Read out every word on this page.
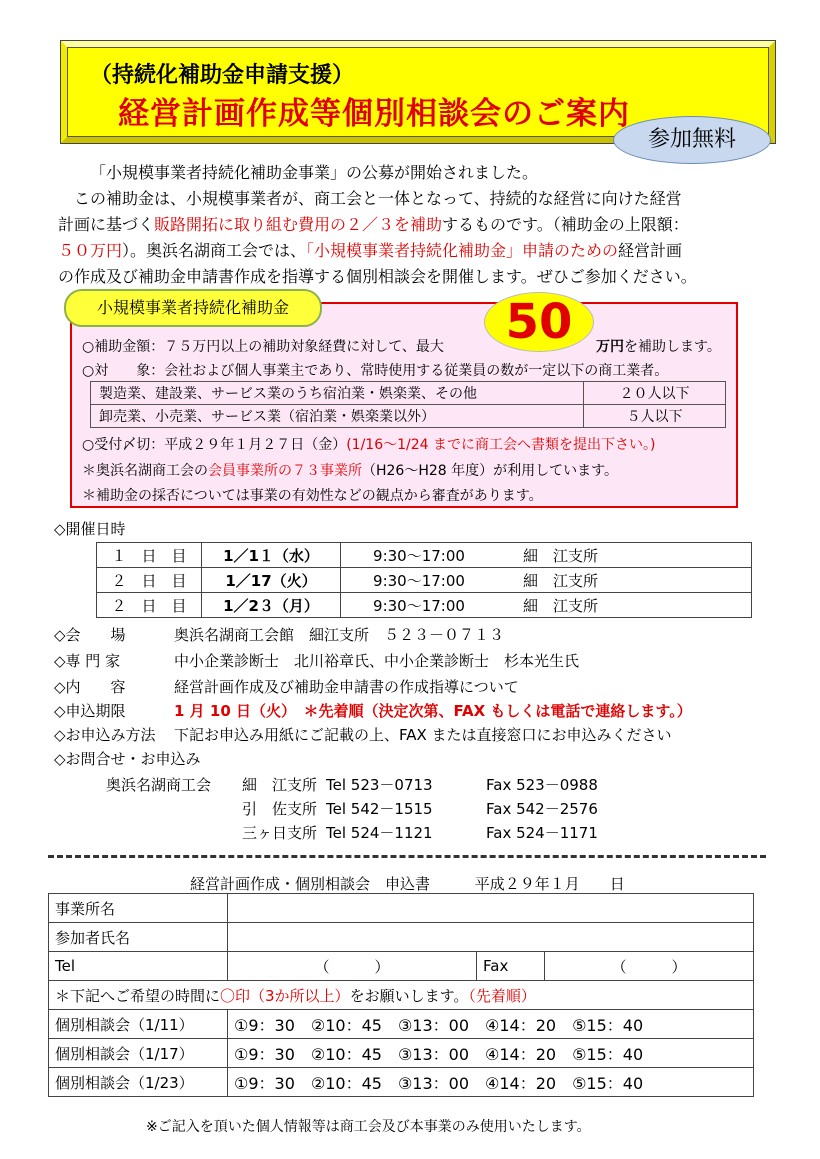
（持続化補助金申請支援）
経営計画作成等個別相談会のご案内
参加無料
「小規模事業者持続化補助金事業」の公募が開始されました。
この補助金は、小規模事業者が、商工会と一体となって、持続的な経営に向けた経営
計画に基づく販路開拓に取り組む費用の２／３を補助するものです。（補助金の上限額：
５０万円）。奥浜名湖商工会では、「小規模事業者持続化補助金」申請のための経営計画
の作成及び補助金申請書作成を指導する個別相談会を開催します。ぜひご参加ください。
小規模事業者持続化補助金	50
○補助金額：７５万円以上の補助対象経費に対して、最大	万円を補助します。
○対　　象：会社および個人事業主であり、常時使用する従業員の数が一定以下の商工業者。
製造業、建設業、サービス業のうち宿泊業・娯楽業、その他	２０人以下
卸売業、小売業、サービス業（宿泊業・娯楽業以外）	５人以下
○受付〆切：平成２９年１月２７日（金）(1/16～1/24 までに商工会へ書類を提出下さい。)
＊奥浜名湖商工会の会員事業所の７３事業所（H26～H28 年度）が利用しています。
＊補助金の採否については事業の有効性などの観点から審査があります。
◇開催日時
１　日　目	1／1１（水）	9:30～17:00	細　江支所
２　日　目	1／17（火）	9:30～17:00	細　江支所
２　日　目	1／2３（月）	9:30～17:00	細　江支所
◇会　　場	奥浜名湖商工会館　細江支所　５２３－０７１３
◇専 門 家	中小企業診断士　北川裕章氏、中小企業診断士　杉本光生氏
◇内　　容	経営計画作成及び補助金申請書の作成指導について
◇申込期限	1 月 10 日（火）　＊先着順（決定次第、FAX もしくは電話で連絡します。）
◇お申込み方法 下記お申込み用紙にご記載の上、FAX または直接窓口にお申込みください
◇お問合せ・お申込み
奥浜名湖商工会 細　江支所 Tel 523－0713	Fax 523－0988
引　佐支所 Tel 542－1515	Fax 542－2576
三ヶ日支所 Tel 524－1121	Fax 524－1171
経営計画作成・個別相談会　申込書	平成２９年１月　　日
事業所名			
参加者氏名			
Tel	（　　　）	Fax	（　　　）
＊下記へご希望の時間に〇印（3か所以上）をお願いします。（先着順）			
個別相談会（1/11）	①9：30　②10：45　③13：00　④14：20　⑤15：40		
個別相談会（1/17）	①9：30　②10：45　③13：00　④14：20　⑤15：40		
個別相談会（1/23）	①9：30　②10：45　③13：00　④14：20　⑤15：40		
※ご記入を頂いた個人情報等は商工会及び本事業のみ使用いたします。
